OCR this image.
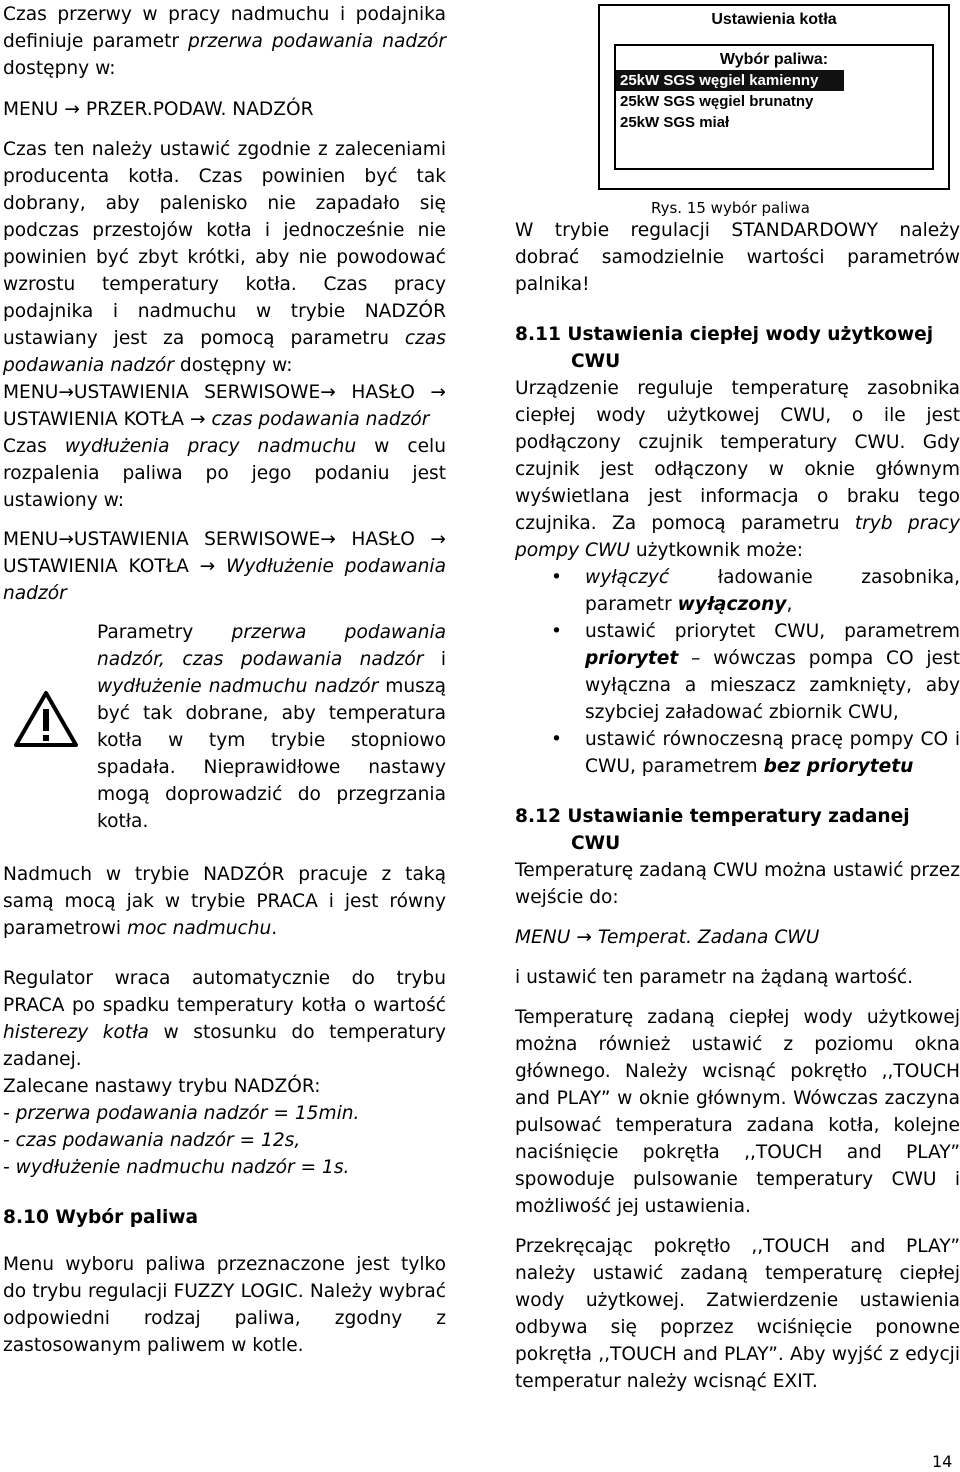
Czas przerwy w pracy nadmuchu i podajnika definiuje parametr przerwa podawania nadzór dostępny w:

MENU → PRZER.PODAW. NADZÓR

Czas ten należy ustawić zgodnie z zaleceniami producenta kotła. Czas powinien być tak dobrany, aby palenisko nie zapadało się podczas przestojów kotła i jednocześnie nie powinien być zbyt krótki, aby nie powodować wzrostu temperatury kotła. Czas pracy podajnika i nadmuchu w trybie NADZÓR ustawiany jest za pomocą parametru czas podawania nadzór dostępny w:

MENU→USTAWIENIA SERWISOWE→ HASŁO → USTAWIENIA KOTŁA → czas podawania nadzór

Czas wydłużenia pracy nadmuchu w celu rozpalenia paliwa po jego podaniu jest ustawiony w:

MENU→USTAWIENIA SERWISOWE→ HASŁO → USTAWIENIA KOTŁA → Wydłużenie podawania nadzór

Parametry przerwa podawania nadzór, czas podawania nadzór i wydłużenie nadmuchu nadzór muszą być tak dobrane, aby temperatura kotła w tym trybie stopniowo spadała. Nieprawidłowe nastawy mogą doprowadzić do przegrzania kotła.

Nadmuch w trybie NADZÓR pracuje z taką samą mocą jak w trybie PRACA i jest równy parametrowi moc nadmuchu.

Regulator wraca automatycznie do trybu PRACA po spadku temperatury kotła o wartość histerezy kotła w stosunku do temperatury zadanej.

Zalecane nastawy trybu NADZÓR:

- przerwa podawania nadzór = 15min.

- czas podawania nadzór = 12s,

- wydłużenie nadmuchu nadzór = 1s.

8.10 Wybór paliwa

Menu wyboru paliwa przeznaczone jest tylko do trybu regulacji FUZZY LOGIC. Należy wybrać odpowiedni rodzaj paliwa, zgodny z zastosowanym paliwem w kotle.

Ustawienia kotła
Wybór paliwa:
25kW SGS węgiel kamienny
25kW SGS węgiel brunatny
25kW SGS miał
Rys. 15 wybór paliwa

W trybie regulacji STANDARDOWY należy dobrać samodzielnie wartości parametrów palnika!

8.11 Ustawienia ciepłej wody użytkowej
CWU

Urządzenie reguluje temperaturę zasobnika ciepłej wody użytkowej CWU, o ile jest podłączony czujnik temperatury CWU. Gdy czujnik jest odłączony w oknie głównym wyświetlana jest informacja o braku tego czujnika. Za pomocą parametru tryb pracy pompy CWU użytkownik może:

• wyłączyć ładowanie zasobnika, parametr wyłączony,

• ustawić priorytet CWU, parametrem priorytet – wówczas pompa CO jest wyłączna a mieszacz zamknięty, aby szybciej załadować zbiornik CWU,

• ustawić równoczesną pracę pompy CO i CWU, parametrem bez priorytetu

8.12 Ustawianie temperatury zadanej
CWU

Temperaturę zadaną CWU można ustawić przez wejście do:

MENU → Temperat. Zadana CWU

i ustawić ten parametr na żądaną wartość.

Temperaturę zadaną ciepłej wody użytkowej można również ustawić z poziomu okna głównego. Należy wcisnąć pokrętło ,,TOUCH and PLAY” w oknie głównym. Wówczas zaczyna pulsować temperatura zadana kotła, kolejne naciśnięcie pokrętła ,,TOUCH and PLAY” spowoduje pulsowanie temperatury CWU i możliwość jej ustawienia.

Przekręcając pokrętło ,,TOUCH and PLAY” należy ustawić zadaną temperaturę ciepłej wody użytkowej. Zatwierdzenie ustawienia odbywa się poprzez wciśnięcie ponowne pokrętła ,,TOUCH and PLAY”. Aby wyjść z edycji temperatur należy wcisnąć EXIT.

14
